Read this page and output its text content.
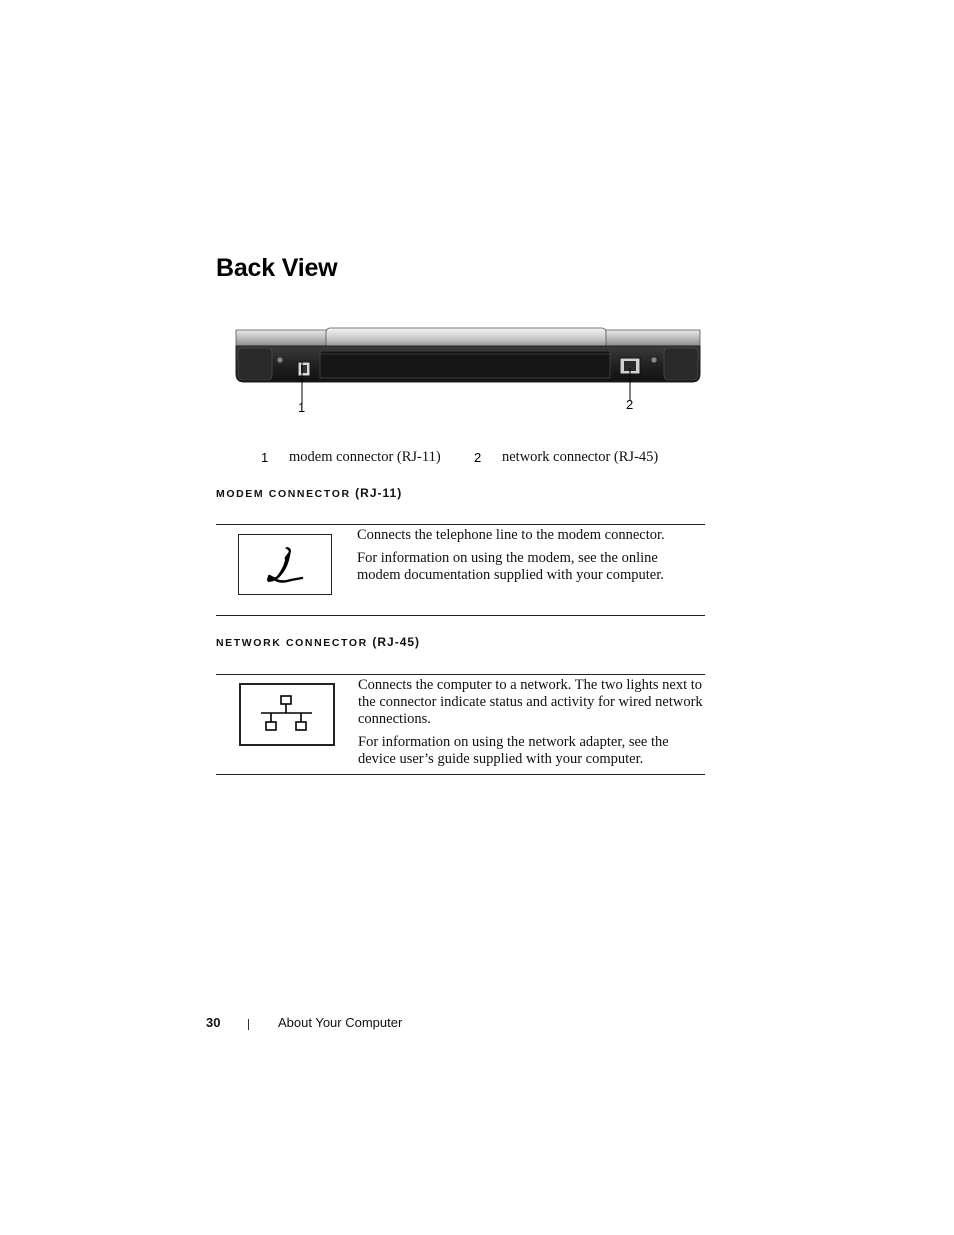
Back View
1	2
1 modem connector (RJ-11)	2 network connector (RJ-45)
MODEM CONNECTOR (RJ-11)

Connects the telephone line to the modem connector.

For information on using the modem, see the online modem documentation supplied with your computer.

NETWORK CONNECTOR (RJ-45)

Connects the computer to a network. The two lights next to the connector indicate status and activity for wired network connections.

For information on using the network adapter, see the device user’s guide supplied with your computer.

30	About Your Computer
